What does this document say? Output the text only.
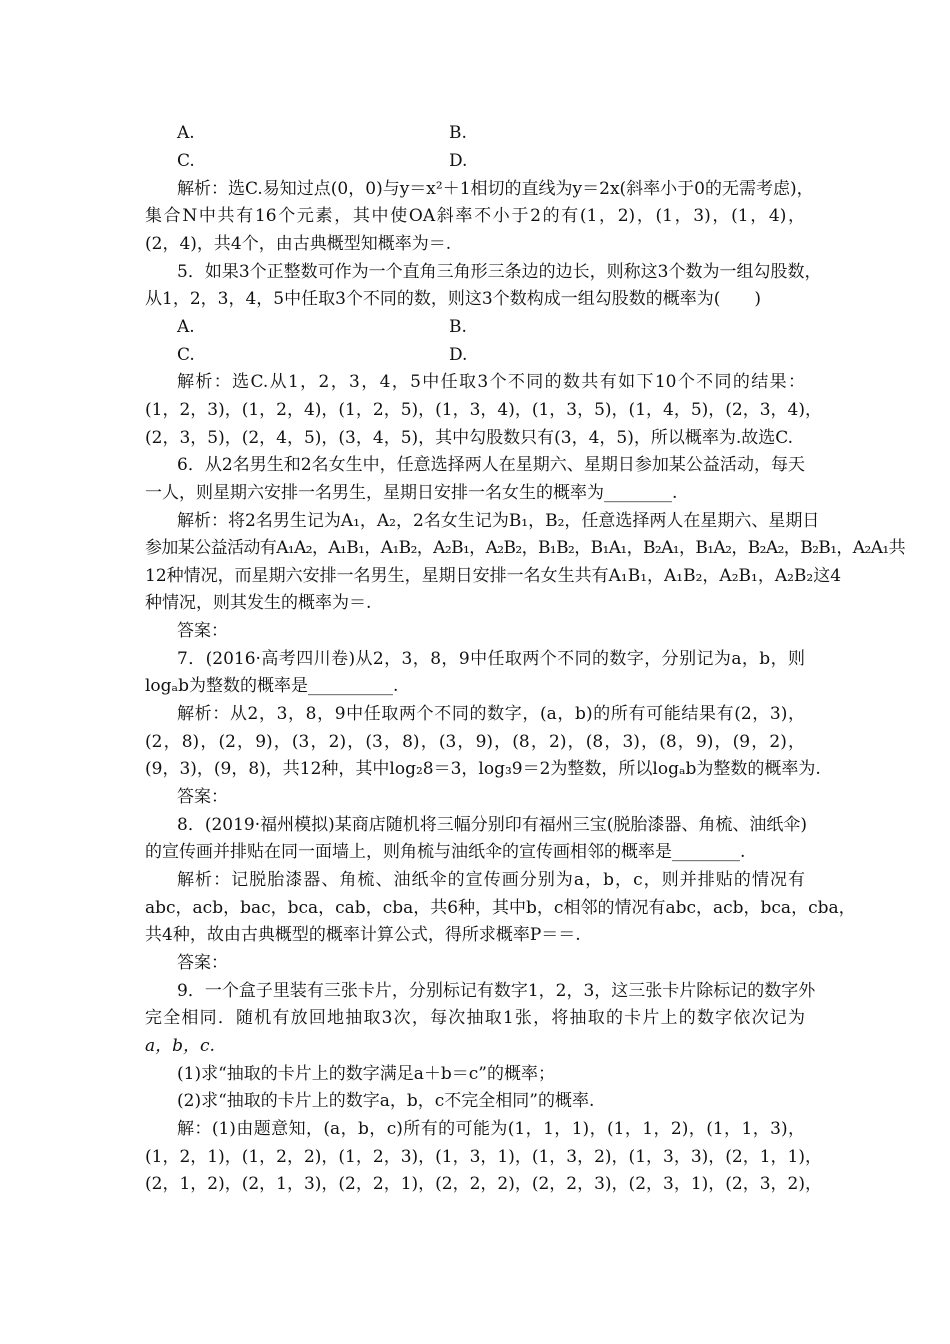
A.	B.
C.	D.
解析：选C.易知过点(0，0)与y＝x²＋1相切的直线为y＝2x(斜率小于0的无需考虑)，
集合N中共有16个元素，其中使OA斜率不小于2的有(1，2)，(1，3)，(1，4)，
(2，4)，共4个，由古典概型知概率为＝.
5．如果3个正整数可作为一个直角三角形三条边的边长，则称这3个数为一组勾股数，
从1，2，3，4，5中任取3个不同的数，则这3个数构成一组勾股数的概率为(　　)
A.	B.
C.	D.
解析：选C.从1，2，3，4，5中任取3个不同的数共有如下10个不同的结果：
(1，2，3)，(1，2，4)，(1，2，5)，(1，3，4)，(1，3，5)，(1，4，5)，(2，3，4)，
(2，3，5)，(2，4，5)，(3，4，5)，其中勾股数只有(3，4，5)，所以概率为.故选C.
6．从2名男生和2名女生中，任意选择两人在星期六、星期日参加某公益活动，每天
一人，则星期六安排一名男生，星期日安排一名女生的概率为________.
解析：将2名男生记为A₁，A₂，2名女生记为B₁，B₂，任意选择两人在星期六、星期日
参加某公益活动有A₁A₂，A₁B₁，A₁B₂，A₂B₁，A₂B₂，B₁B₂，B₁A₁，B₂A₁，B₁A₂，B₂A₂，B₂B₁，A₂A₁共
12种情况，而星期六安排一名男生，星期日安排一名女生共有A₁B₁，A₁B₂，A₂B₁，A₂B₂这4
种情况，则其发生的概率为＝.
答案：
7．(2016·高考四川卷)从2，3，8，9中任取两个不同的数字，分别记为a，b，则
logₐb为整数的概率是__________.
解析：从2，3，8，9中任取两个不同的数字，(a，b)的所有可能结果有(2，3)，
(2，8)，(2，9)，(3，2)，(3，8)，(3，9)，(8，2)，(8，3)，(8，9)，(9，2)，
(9，3)，(9，8)，共12种，其中log₂8＝3，log₃9＝2为整数，所以logₐb为整数的概率为.
答案：
8．(2019·福州模拟)某商店随机将三幅分别印有福州三宝(脱胎漆器、角梳、油纸伞)
的宣传画并排贴在同一面墙上，则角梳与油纸伞的宣传画相邻的概率是________.
解析：记脱胎漆器、角梳、油纸伞的宣传画分别为a，b，c，则并排贴的情况有
abc，acb，bac，bca，cab，cba，共6种，其中b，c相邻的情况有abc，acb，bca，cba，
共4种，故由古典概型的概率计算公式，得所求概率P＝＝.
答案：
9．一个盒子里装有三张卡片，分别标记有数字1，2，3，这三张卡片除标记的数字外
完全相同．随机有放回地抽取3次，每次抽取1张，将抽取的卡片上的数字依次记为
a，b，c.
(1)求“抽取的卡片上的数字满足a＋b＝c”的概率；
(2)求“抽取的卡片上的数字a，b，c不完全相同”的概率.
解：(1)由题意知，(a，b，c)所有的可能为(1，1，1)，(1，1，2)，(1，1，3)，
(1，2，1)，(1，2，2)，(1，2，3)，(1，3，1)，(1，3，2)，(1，3，3)，(2，1，1)，
(2，1，2)，(2，1，3)，(2，2，1)，(2，2，2)，(2，2，3)，(2，3，1)，(2，3，2)，
